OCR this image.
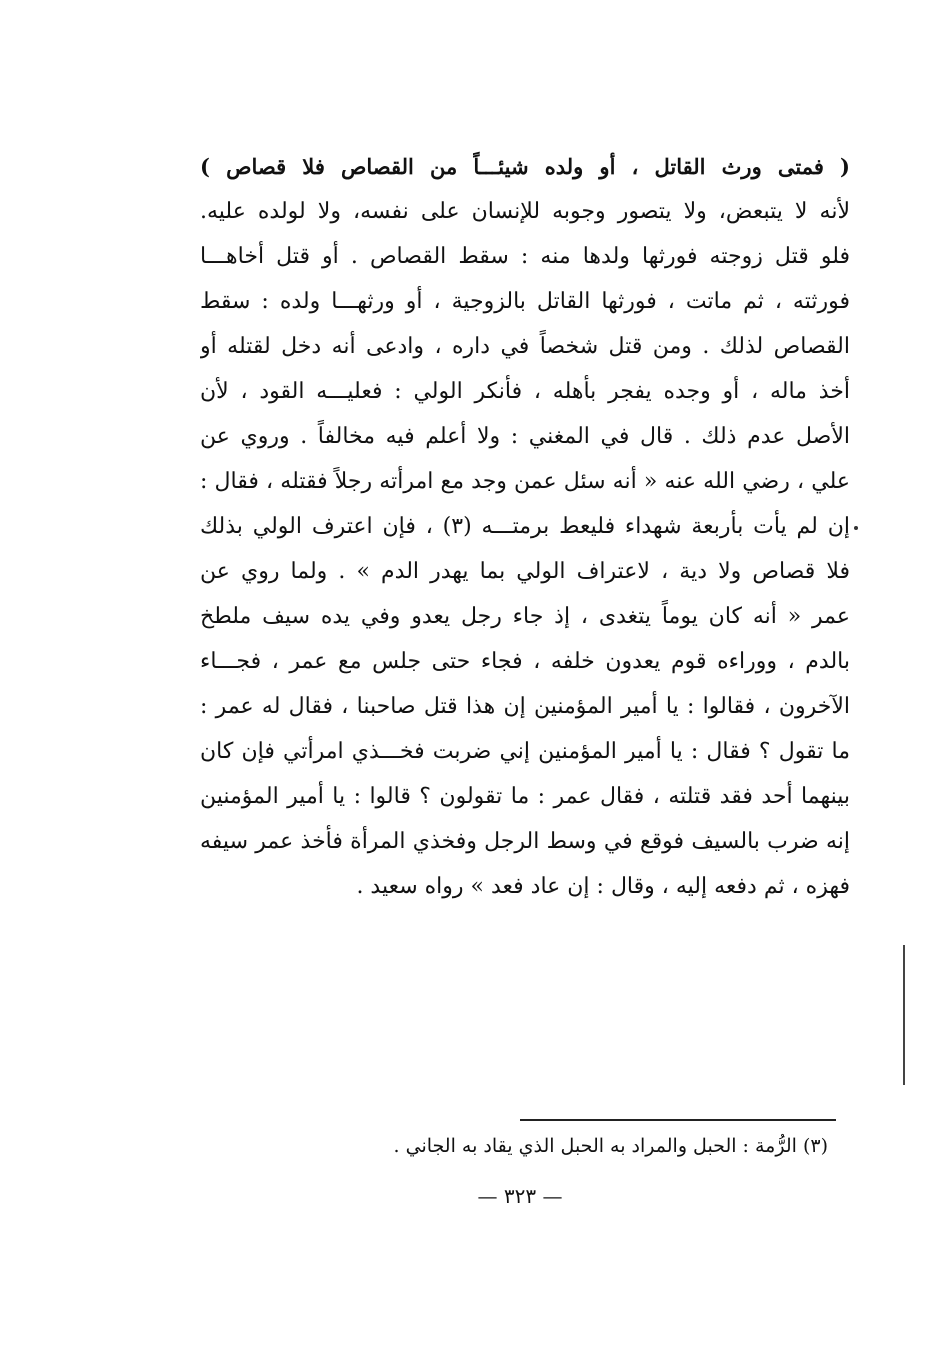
( فمتى ورث القاتل ، أو ولده شيئـــاً من القصاص فلا قصاص )
لأنه لا يتبعض، ولا يتصور وجوبه للإنسان على نفسه، ولا لولده عليه.
فلو قتل زوجته فورثها ولدها منه : سقط القصاص . أو قتل أخاهـــا
فورثته ، ثم ماتت ، فورثها القاتل بالزوجية ، أو ورثهـــا ولده : سقط
القصاص لذلك . ومن قتل شخصاً في داره ، وادعى أنه دخل لقتله أو
أخذ ماله ، أو وجده يفجر بأهله ، فأنكر الولي : فعليـــه القود ، لأن
الأصل عدم ذلك . قال في المغني : ولا أعلم فيه مخالفاً . وروي عن
علي ، رضي الله عنه « أنه سئل عمن وجد مع امرأته رجلاً فقتله ، فقال :
إن لم يأت بأربعة شهداء فليعط برمتـــه (٣) ، فإن اعترف الولي بذلك
فلا قصاص ولا دية ، لاعتراف الولي بما يهدر الدم » . ولما روي عن
عمر « أنه كان يوماً يتغدى ، إذ جاء رجل يعدو وفي يده سيف ملطخ
بالدم ، ووراءه قوم يعدون خلفه ، فجاء حتى جلس مع عمر ، فجـــاء
الآخرون ، فقالوا : يا أمير المؤمنين إن هذا قتل صاحبنا ، فقال له عمر :
ما تقول ؟ فقال : يا أمير المؤمنين إني ضربت فخـــذي امرأتي فإن كان
بينهما أحد فقد قتلته ، فقال عمر : ما تقولون ؟ قالوا : يا أمير المؤمنين
إنه ضرب بالسيف فوقع في وسط الرجل وفخذي المرأة فأخذ عمر سيفه
فهزه ، ثم دفعه إليه ، وقال : إن عاد فعد » رواه سعيد .
(٣) الرُّمة : الحبل والمراد به الحبل الذي يقاد به الجاني .
— ٣٢٣ —
